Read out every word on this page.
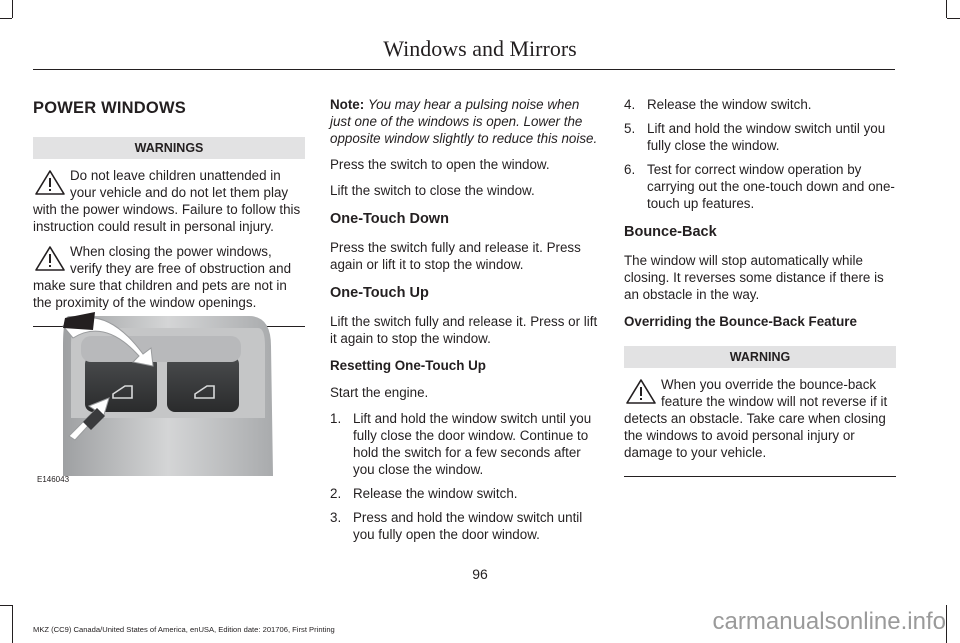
Windows and Mirrors
POWER WINDOWS
WARNINGS
Do not leave children unattended in your vehicle and do not let them play with the power windows. Failure to follow this instruction could result in personal injury.
When closing the power windows, verify they are free of obstruction and make sure that children and pets are not in the proximity of the window openings.
E146043

Note: You may hear a pulsing noise when just one of the windows is open. Lower the opposite window slightly to reduce this noise.

Press the switch to open the window.

Lift the switch to close the window.

One-Touch Down

Press the switch fully and release it. Press again or lift it to stop the window.

One-Touch Up

Lift the switch fully and release it. Press or lift it again to stop the window.

Resetting One-Touch Up

Start the engine.

1. Lift and hold the window switch until you fully close the door window. Continue to hold the switch for a few seconds after you close the window.
2. Release the window switch.
3. Press and hold the window switch until you fully open the door window.
4. Release the window switch.
5. Lift and hold the window switch until you fully close the window.
6. Test for correct window operation by carrying out the one-touch down and one-touch up features.
Bounce-Back

The window will stop automatically while closing. It reverses some distance if there is an obstacle in the way.

Overriding the Bounce-Back Feature
WARNING
When you override the bounce-back feature the window will not reverse if it detects an obstacle. Take care when closing the windows to avoid personal injury or damage to your vehicle.
96
MKZ (CC9) Canada/United States of America, enUSA, Edition date: 201706, First Printing	carmanualsonline.info
